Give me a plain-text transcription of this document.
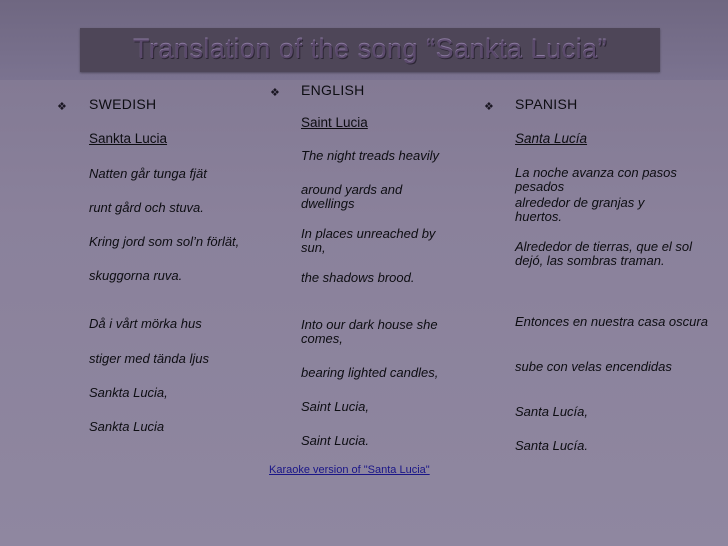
Translation of the song “Sankta Lucia”
❖ SWEDISH
Sankta Lucia
Natten går tunga fjät
runt gård och stuva.
Kring jord som sol’n förlät,
skuggorna ruva.
Då i vårt mörka hus
stiger med tända ljus
Sankta Lucia,
Sankta Lucia
❖ ENGLISH
Saint Lucia
The night treads heavily
around yards and dwellings
In places unreached by sun,
the shadows brood.
Into our dark house she comes,
bearing lighted candles,
Saint Lucia,
Saint Lucia.
❖ SPANISH
Santa Lucía
La noche avanza con pasos pesados
alrededor de granjas y huertos.
Alrededor de tierras, que el sol dejó, las sombras traman.
Entonces en nuestra casa oscura
sube con velas encendidas
Santa Lucía,
Santa Lucía.
Karaoke version of "Santa Lucia"
